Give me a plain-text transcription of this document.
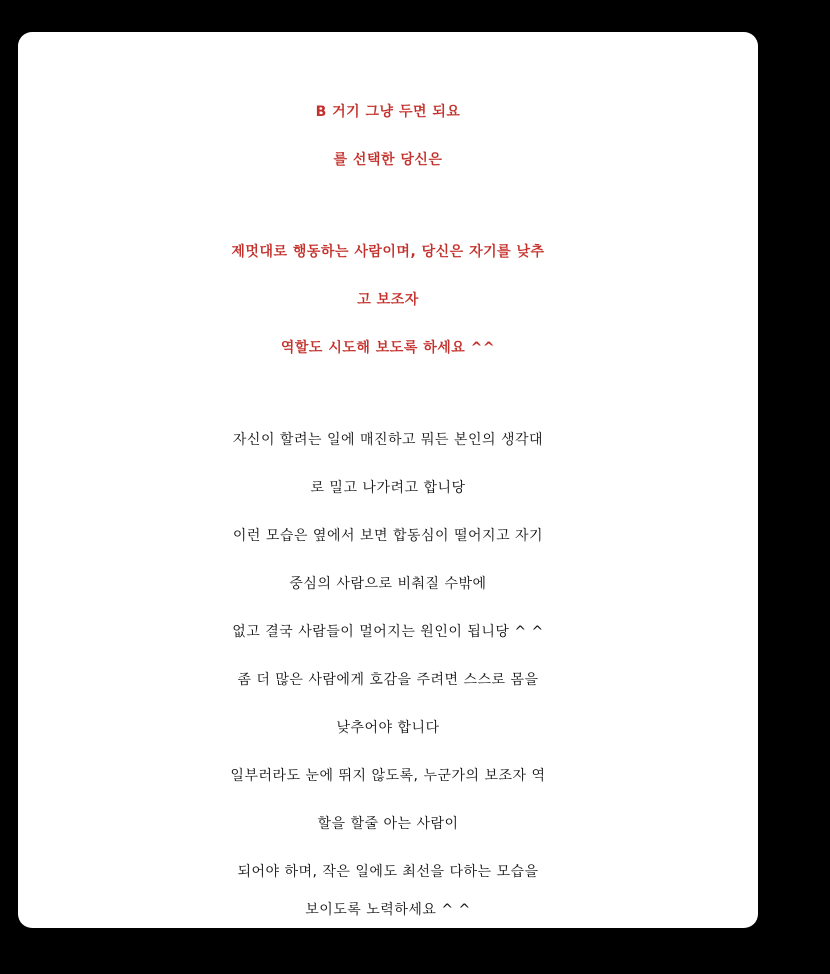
B 거기 그냥 두면 되요
를 선택한 당신은
제멋대로 행동하는 사람이며, 당신은 자기를 낮추
고 보조자
역할도 시도해 보도록 하세요 ^^
자신이 할려는 일에 매진하고 뭐든 본인의 생각대
로 밀고 나가려고 합니당
이런 모습은 옆에서 보면 합동심이 떨어지고 자기
중심의 사람으로 비춰질 수밖에
없고 결국 사람들이 멀어지는 원인이 됩니당 ^ ^
좀 더 많은 사람에게 호감을 주려면 스스로 몸을
낮추어야 합니다
일부러라도 눈에 뛰지 않도록, 누군가의 보조자 역
할을 할줄 아는 사람이
되어야 하며, 작은 일에도 최선을 다하는 모습을
보이도록 노력하세요 ^ ^
